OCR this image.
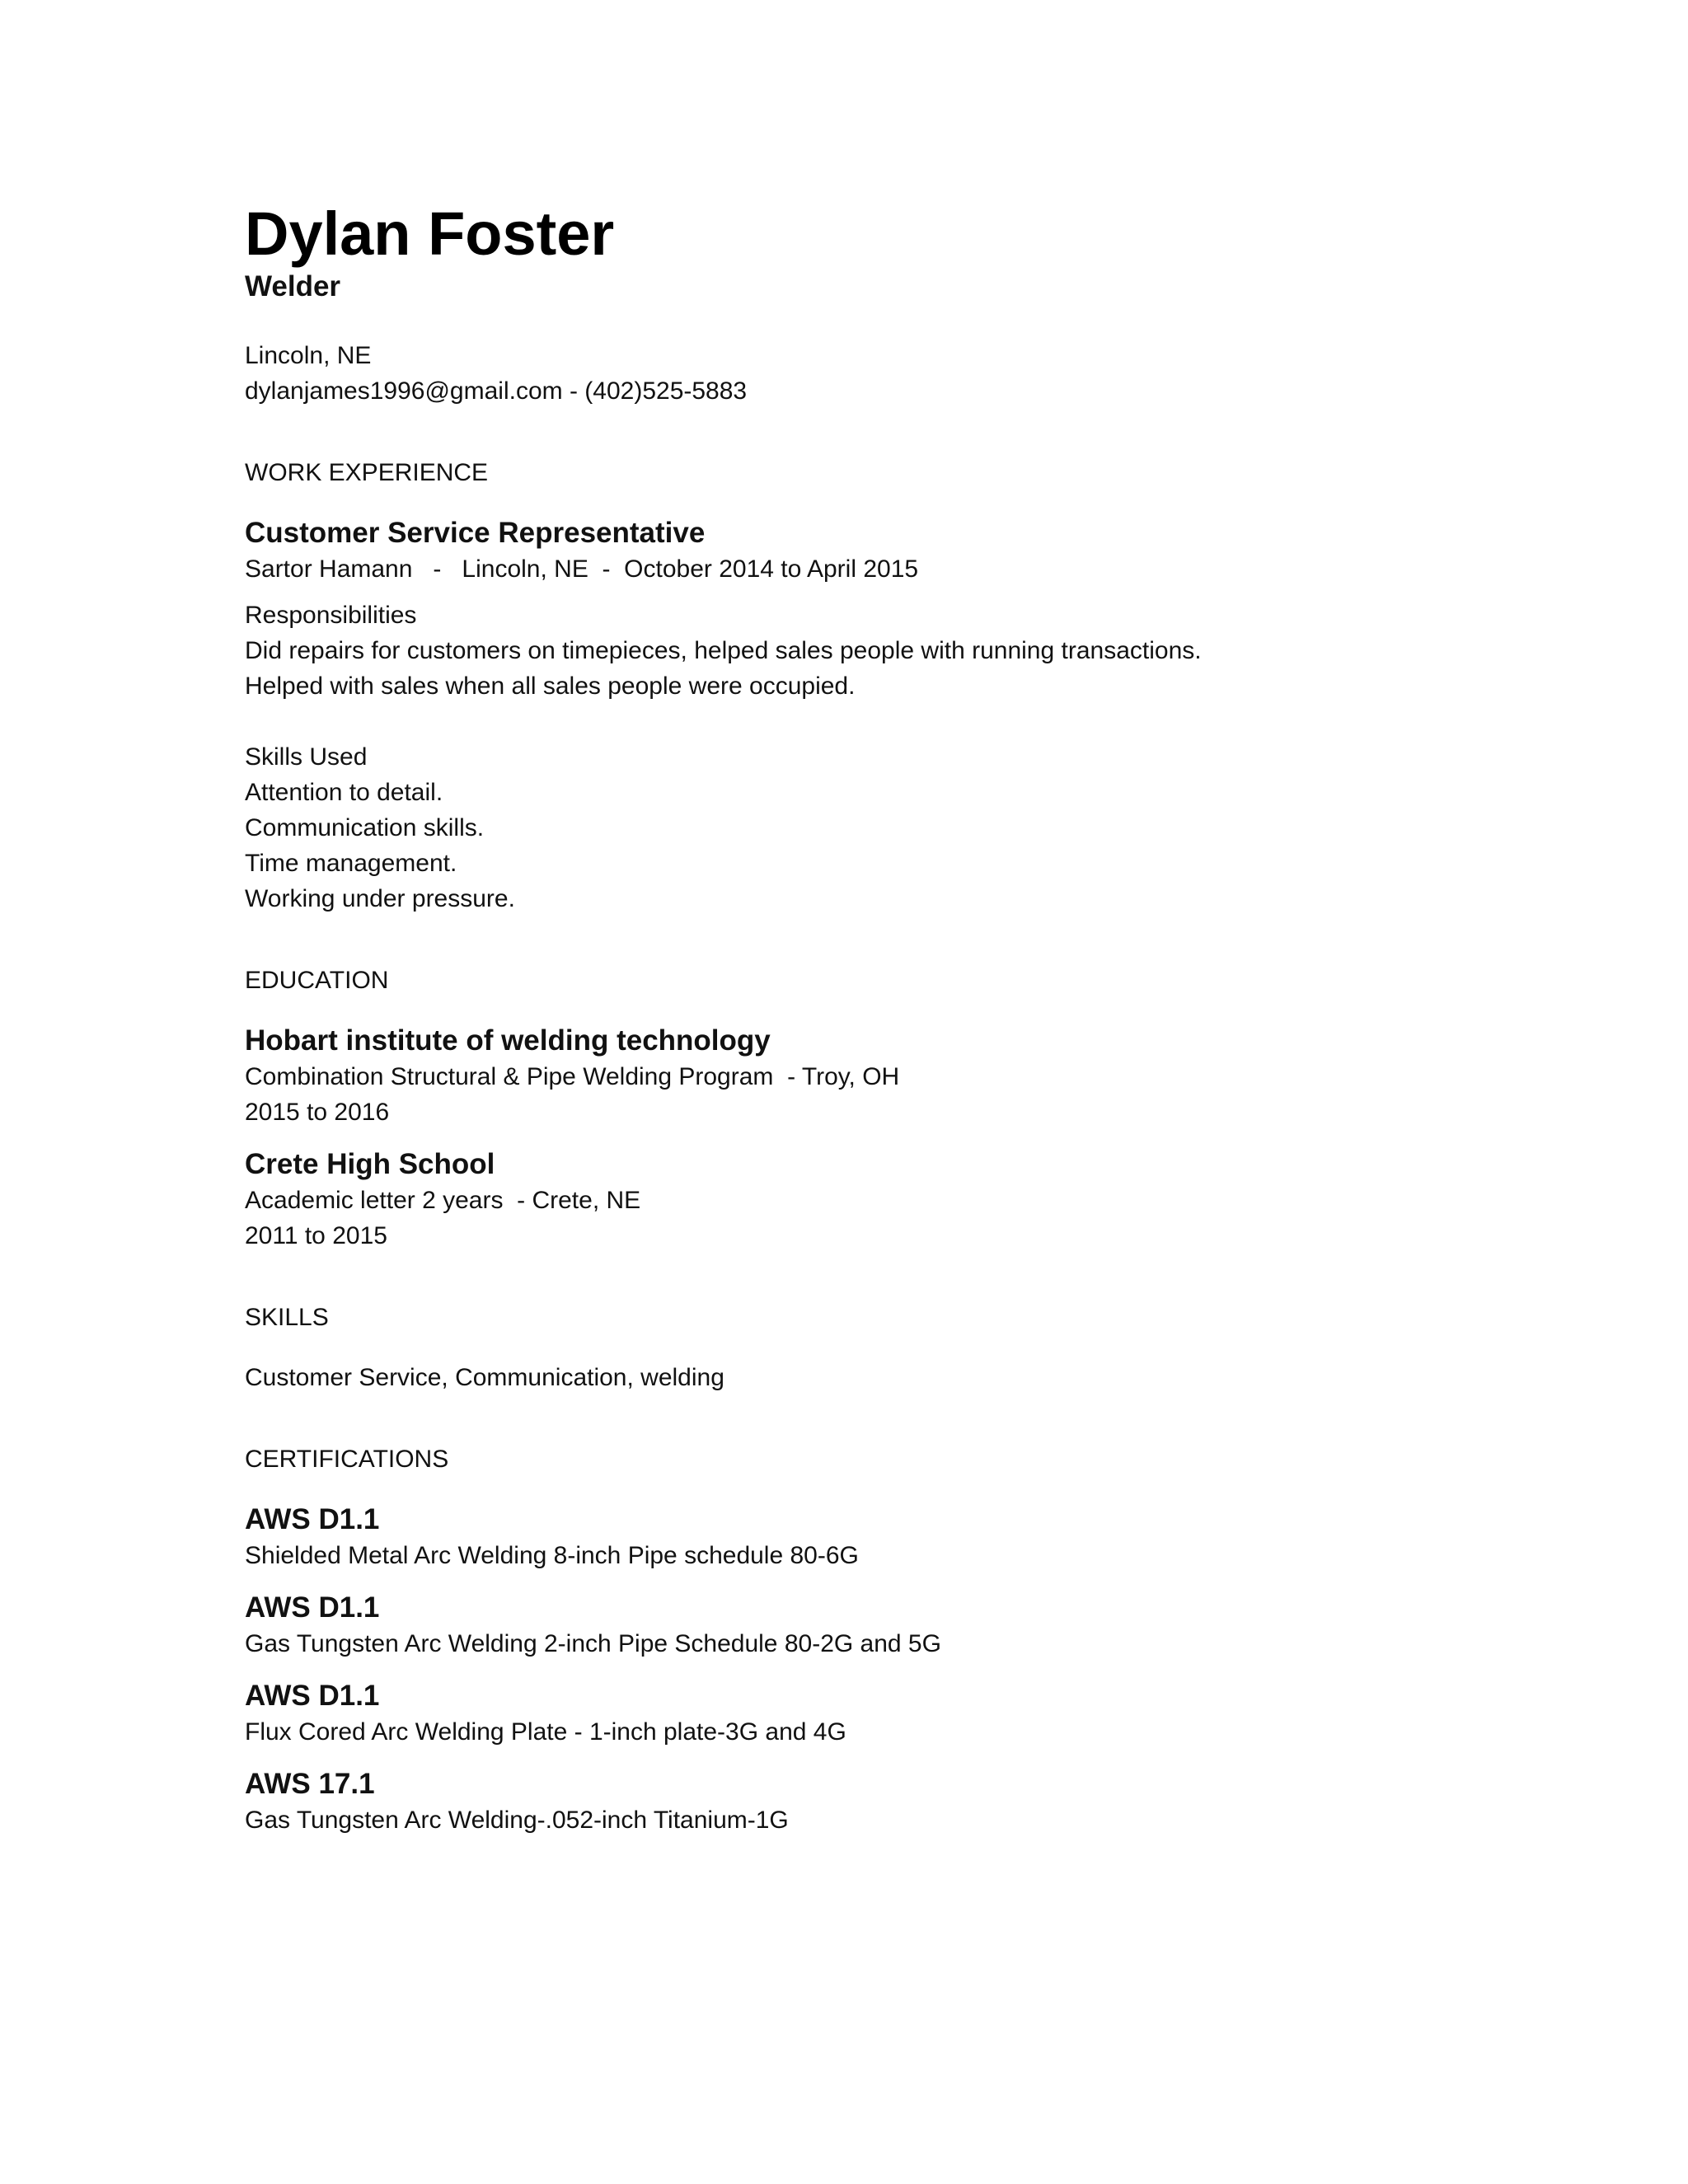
Dylan Foster
Welder
Lincoln, NE
dylanjames1996@gmail.com - (402)525-5883
WORK EXPERIENCE
Customer Service Representative
Sartor Hamann   -   Lincoln, NE  -  October 2014 to April 2015
Responsibilities
Did repairs for customers on timepieces, helped sales people with running transactions.
Helped with sales when all sales people were occupied.
Skills Used
Attention to detail.
Communication skills.
Time management.
Working under pressure.
EDUCATION
Hobart institute of welding technology
Combination Structural & Pipe Welding Program  - Troy, OH
2015 to 2016
Crete High School
Academic letter 2 years  - Crete, NE
2011 to 2015
SKILLS
Customer Service, Communication, welding
CERTIFICATIONS
AWS D1.1
Shielded Metal Arc Welding 8-inch Pipe schedule 80-6G
AWS D1.1
Gas Tungsten Arc Welding 2-inch Pipe Schedule 80-2G and 5G
AWS D1.1
Flux Cored Arc Welding Plate - 1-inch plate-3G and 4G
AWS 17.1
Gas Tungsten Arc Welding-.052-inch Titanium-1G
